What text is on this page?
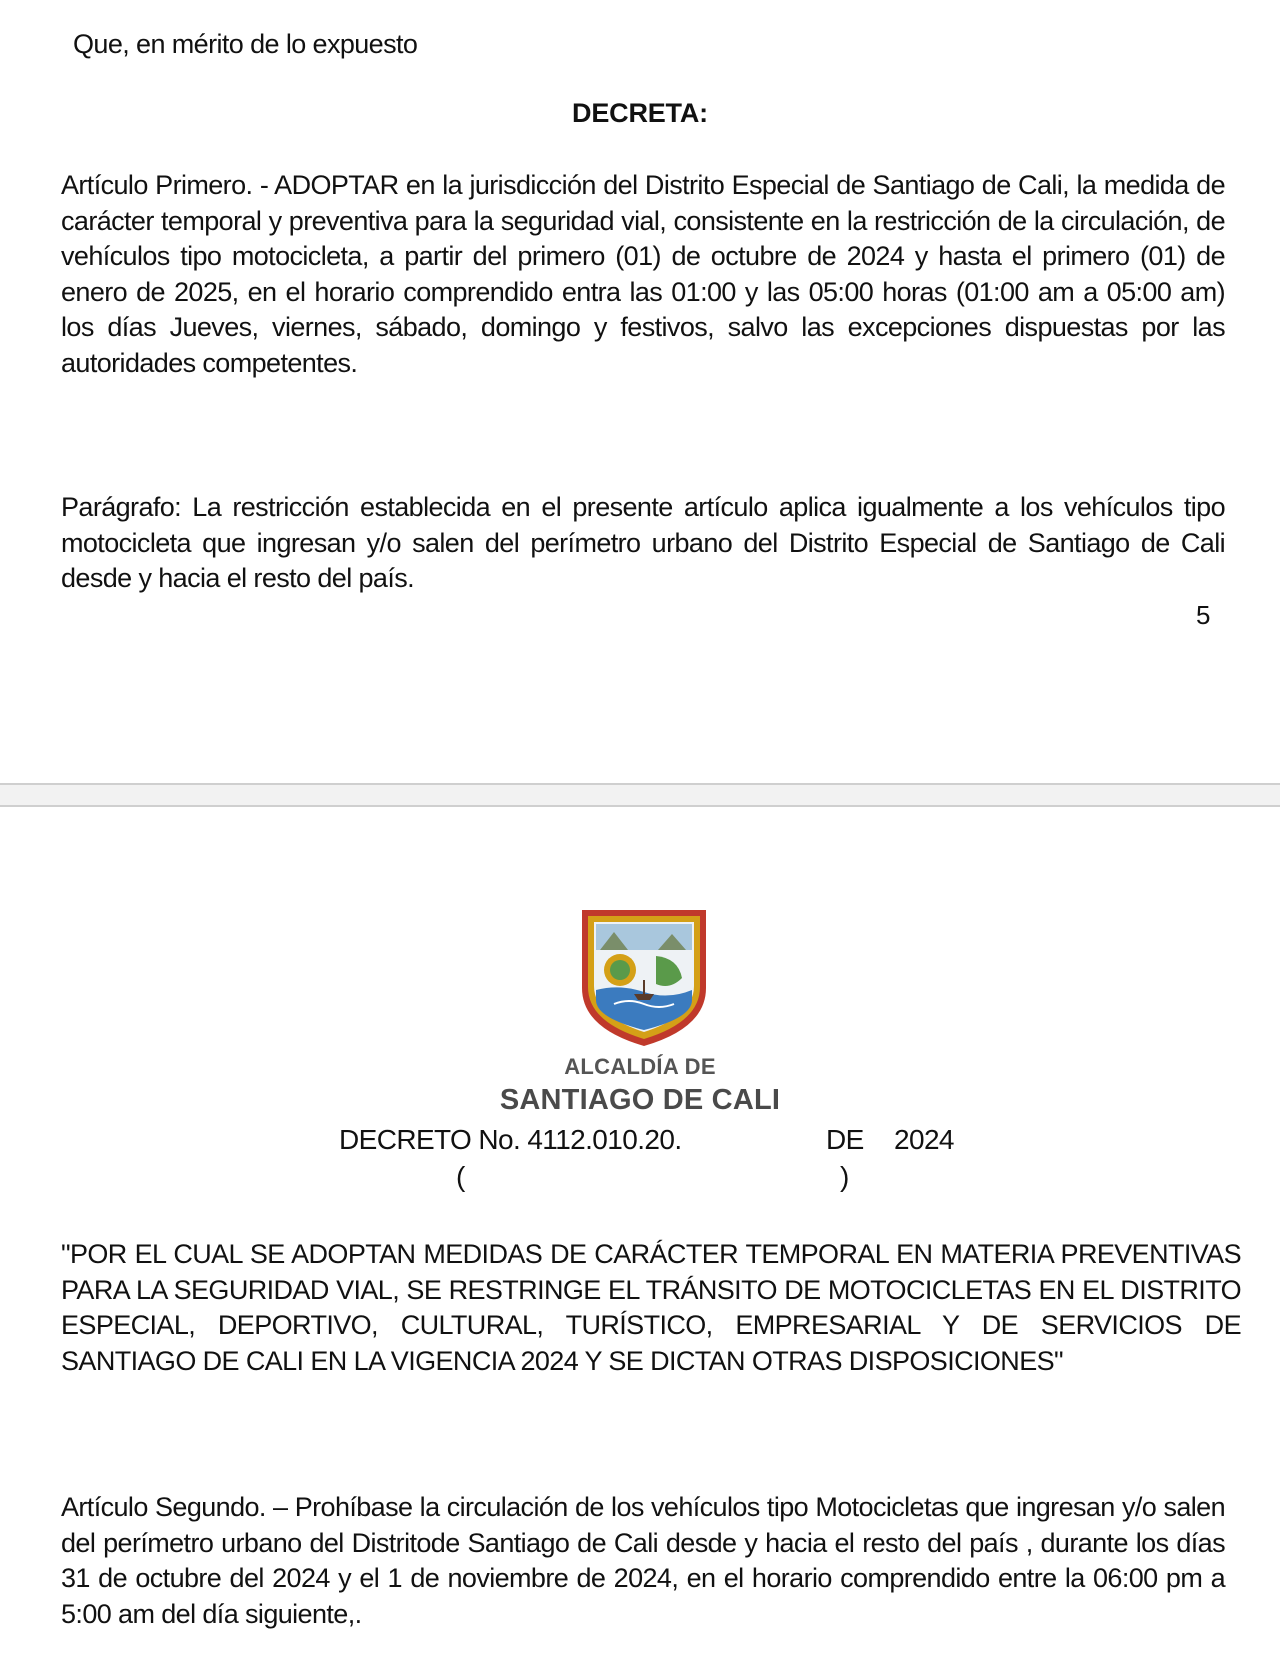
Que, en mérito de lo expuesto

DECRETA:

Artículo Primero. - ADOPTAR en la jurisdicción del Distrito Especial de Santiago de Cali, la medida de carácter temporal y preventiva para la seguridad vial, consistente en la restricción de la circulación, de vehículos tipo motocicleta, a partir del primero (01) de octubre de 2024 y hasta el primero (01) de enero de 2025, en el horario comprendido entra las 01:00 y las 05:00 horas (01:00 am a 05:00 am) los días Jueves, viernes, sábado, domingo y festivos, salvo las excepciones dispuestas por las autoridades competentes.

Parágrafo: La restricción establecida en el presente artículo aplica igualmente a los vehículos tipo motocicleta que ingresan y/o salen del perímetro urbano del Distrito Especial de Santiago de Cali desde y hacia el resto del país.

5
ALCALDÍA DE
SANTIAGO DE CALI
DECRETO No. 4112.010.20.	DE 2024
(	)

"POR EL CUAL SE ADOPTAN MEDIDAS DE CARÁCTER TEMPORAL EN MATERIA PREVENTIVAS PARA LA SEGURIDAD VIAL, SE RESTRINGE EL TRÁNSITO DE MOTOCICLETAS EN EL DISTRITO ESPECIAL, DEPORTIVO, CULTURAL, TURÍSTICO, EMPRESARIAL Y DE SERVICIOS DE SANTIAGO DE CALI EN LA VIGENCIA 2024 Y SE DICTAN OTRAS DISPOSICIONES"

Artículo Segundo. – Prohíbase la circulación de los vehículos tipo Motocicletas que ingresan y/o salen del perímetro urbano del Distritode Santiago de Cali desde y hacia el resto del país , durante los días 31 de octubre del 2024 y el 1 de noviembre de 2024, en el horario comprendido entre la 06:00 pm a 5:00 am del día siguiente,.
